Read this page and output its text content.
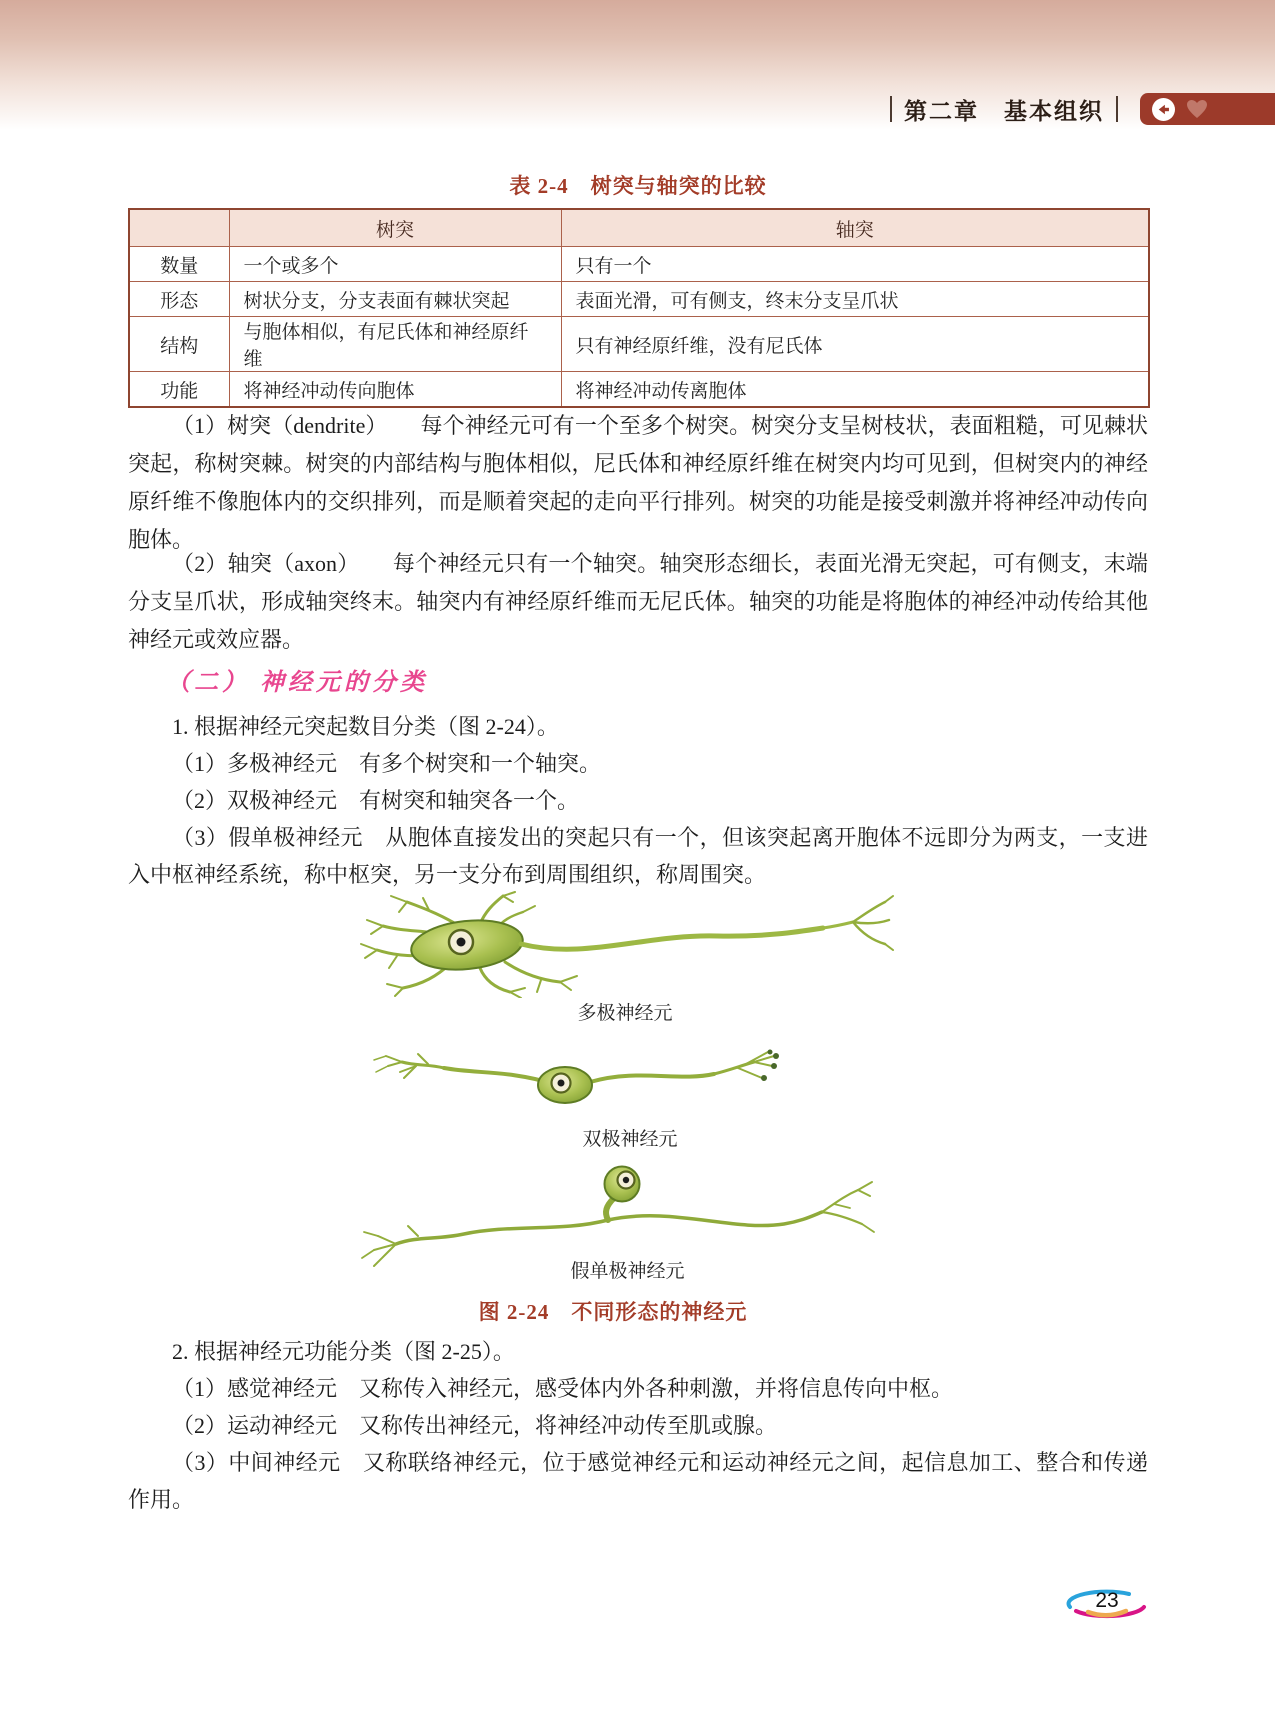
第二章　基本组织
表 2-4　树突与轴突的比较
	树突	轴突
数量	一个或多个	只有一个
形态	树状分支，分支表面有棘状突起	表面光滑，可有侧支，终末分支呈爪状
结构	与胞体相似，有尼氏体和神经原纤维	只有神经原纤维，没有尼氏体
功能	将神经冲动传向胞体	将神经冲动传离胞体

（1）树突（dendrite）　　每个神经元可有一个至多个树突。树突分支呈树枝状，表面粗糙，可见棘状突起，称树突棘。树突的内部结构与胞体相似，尼氏体和神经原纤维在树突内均可见到，但树突内的神经原纤维不像胞体内的交织排列，而是顺着突起的走向平行排列。树突的功能是接受刺激并将神经冲动传向胞体。

（2）轴突（axon）　　每个神经元只有一个轴突。轴突形态细长，表面光滑无突起，可有侧支，末端分支呈爪状，形成轴突终末。轴突内有神经原纤维而无尼氏体。轴突的功能是将胞体的神经冲动传给其他神经元或效应器。

（二） 神经元的分类

1. 根据神经元突起数目分类（图 2-24）。

（1）多极神经元　有多个树突和一个轴突。

（2）双极神经元　有树突和轴突各一个。

（3）假单极神经元　从胞体直接发出的突起只有一个，但该突起离开胞体不远即分为两支，一支进入中枢神经系统，称中枢突，另一支分布到周围组织，称周围突。

多极神经元
双极神经元
假单极神经元
图 2-24　不同形态的神经元

2. 根据神经元功能分类（图 2-25）。

（1）感觉神经元　又称传入神经元，感受体内外各种刺激，并将信息传向中枢。

（2）运动神经元　又称传出神经元，将神经冲动传至肌或腺。

（3）中间神经元　又称联络神经元，位于感觉神经元和运动神经元之间，起信息加工、整合和传递作用。

23
